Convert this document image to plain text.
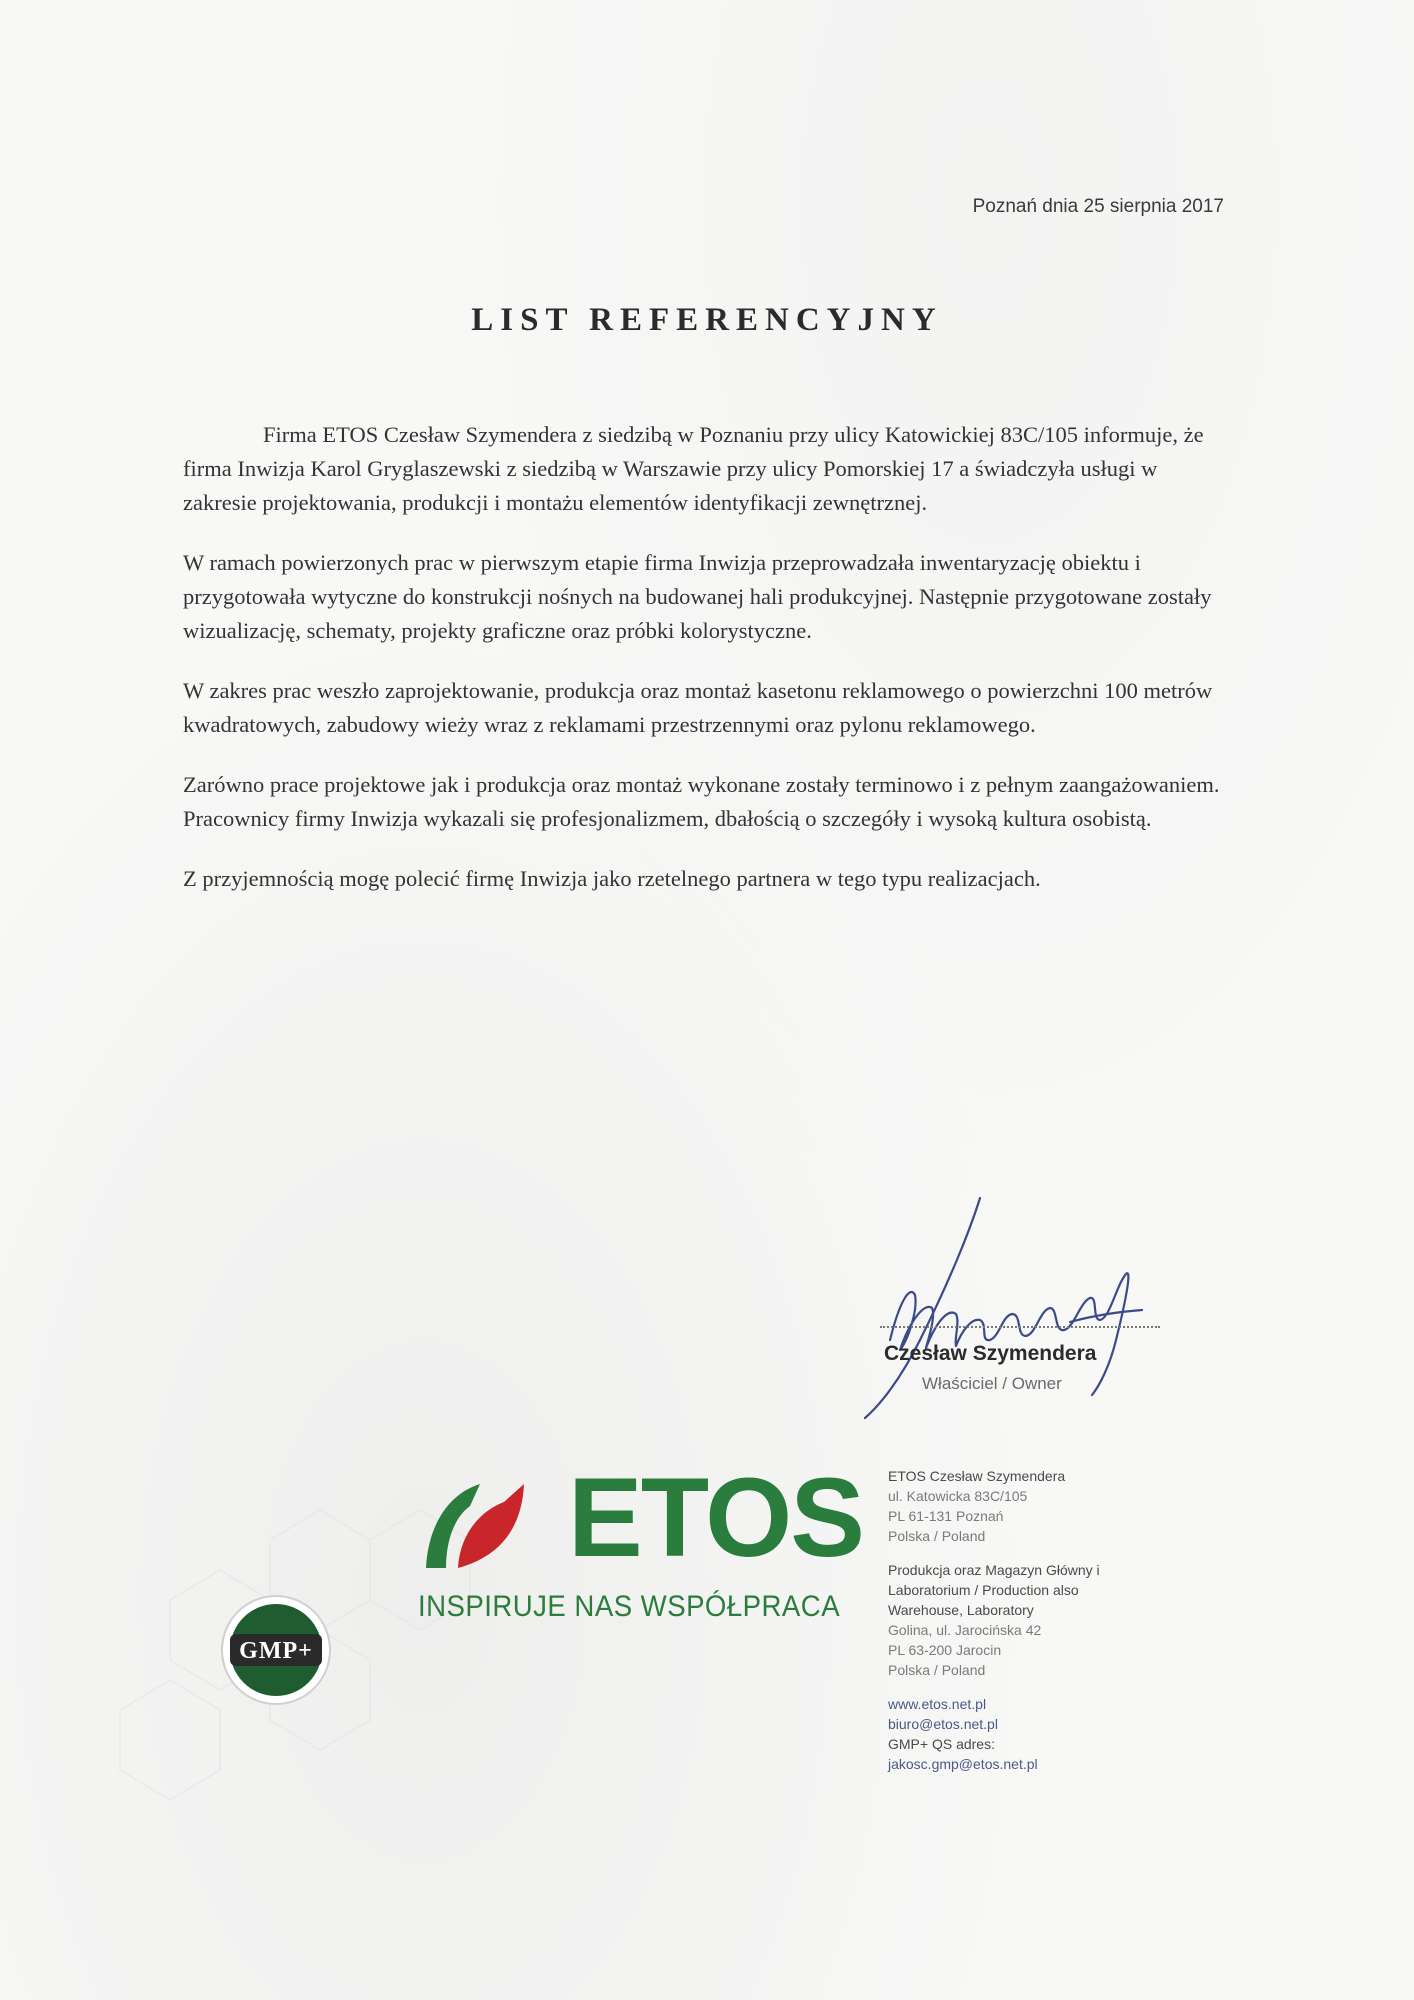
Poznań dnia 25 sierpnia 2017
LIST REFERENCYJNY

Firma ETOS Czesław Szymendera z siedzibą w Poznaniu przy ulicy Katowickiej 83C/105 informuje, że firma Inwizja Karol Gryglaszewski z siedzibą w Warszawie przy ulicy Pomorskiej 17 a świadczyła usługi w zakresie projektowania, produkcji i montażu elementów identyfikacji zewnętrznej.

W ramach powierzonych prac w pierwszym etapie firma Inwizja przeprowadzała inwentaryzację obiektu i przygotowała wytyczne do konstrukcji nośnych na budowanej hali produkcyjnej. Następnie przygotowane zostały wizualizację, schematy, projekty graficzne oraz próbki kolorystyczne.

W zakres prac weszło zaprojektowanie, produkcja oraz montaż kasetonu reklamowego o powierzchni 100 metrów kwadratowych, zabudowy wieży wraz z reklamami przestrzennymi oraz pylonu reklamowego.

Zarówno prace projektowe jak i produkcja oraz montaż wykonane zostały terminowo i z pełnym zaangażowaniem. Pracownicy firmy Inwizja wykazali się profesjonalizmem, dbałością o szczegóły i wysoką kultura osobistą.

Z przyjemnością mogę polecić firmę Inwizja jako rzetelnego partnera w tego typu realizacjach.

Czesław Szymendera
Właściciel / Owner
GMP+
ETOS
INSPIRUJE NAS WSPÓŁPRACA
ETOS Czesław Szymendera
ul. Katowicka 83C/105
PL 61-131 Poznań
Polska / Poland
Produkcja oraz Magazyn Główny i
Laboratorium / Production also
Warehouse, Laboratory
Golina, ul. Jarocińska 42
PL 63-200 Jarocin
Polska / Poland
www.etos.net.pl
biuro@etos.net.pl
GMP+ QS adres:
jakosc.gmp@etos.net.pl
